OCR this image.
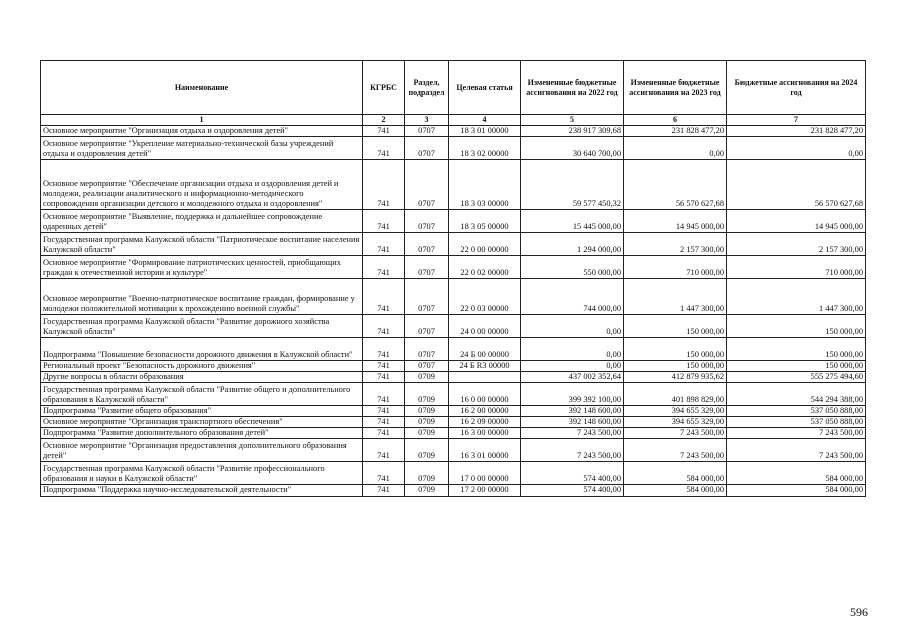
Наименование	КГРБС	Раздел, подраздел	Целевая статья	Измененные бюджетные ассигнования на 2022 год	Измененные бюджетные ассигнования на 2023 год	Бюджетные ассигнования на 2024 год
1	2	3	4	5	6	7
Основное мероприятие "Организация отдыха и оздоровления детей"	741	0707	18 3 01 00000	238 917 309,68	231 828 477,20	231 828 477,20
Основное мероприятие "Укрепление материально-технической базы учреждений отдыха и оздоровления детей"	741	0707	18 3 02 00000	30 640 700,00	0,00	0,00
Основное мероприятие "Обеспечение организации отдыха и оздоровления детей и молодежи, реализации аналитического и информационно-методического сопровождения организации детского и молодежного отдыха и оздоровления"	741	0707	18 3 03 00000	59 577 450,32	56 570 627,68	56 570 627,68
Основное мероприятие "Выявление, поддержка и дальнейшее сопровождение одаренных детей"	741	0707	18 3 05 00000	15 445 000,00	14 945 000,00	14 945 000,00
Государственная программа Калужской области "Патриотическое воспитание населения Калужской области"	741	0707	22 0 00 00000	1 294 000,00	2 157 300,00	2 157 300,00
Основное мероприятие "Формирование патриотических ценностей, приобщающих граждан к отечественной истории и культуре"	741	0707	22 0 02 00000	550 000,00	710 000,00	710 000,00
Основное мероприятие "Военно-патриотическое воспитание граждан, формирование у молодежи положительной мотивации к прохождению военной службы"	741	0707	22 0 03 00000	744 000,00	1 447 300,00	1 447 300,00
Государственная программа Калужской области "Развитие дорожного хозяйства Калужской области"	741	0707	24 0 00 00000	0,00	150 000,00	150 000,00
Подпрограмма "Повышение безопасности дорожного движения в Калужской области"	741	0707	24 Б 00 00000	0,00	150 000,00	150 000,00
Региональный проект "Безопасность дорожного движения"	741	0707	24 Б R3 00000	0,00	150 000,00	150 000,00
Другие вопросы в области образования	741	0709		437 002 352,64	412 879 935,62	555 275 494,60
Государственная программа Калужской области "Развитие общего и дополнительного образования в Калужской области"	741	0709	16 0 00 00000	399 392 100,00	401 898 829,00	544 294 388,00
Подпрограмма "Развитие общего образования"	741	0709	16 2 00 00000	392 148 600,00	394 655 329,00	537 050 888,00
Основное мероприятие "Организация транспортного обеспечения"	741	0709	16 2 09 00000	392 148 600,00	394 655 329,00	537 050 888,00
Подпрограмма "Развитие дополнительного образования детей"	741	0709	16 3 00 00000	7 243 500,00	7 243 500,00	7 243 500,00
Основное мероприятие "Организация предоставления дополнительного образования детей"	741	0709	16 3 01 00000	7 243 500,00	7 243 500,00	7 243 500,00
Государственная программа Калужской области "Развитие профессионального образования и науки в Калужской области"	741	0709	17 0 00 00000	574 400,00	584 000,00	584 000,00
Подпрограмма "Поддержка научно-исследовательской деятельности"	741	0709	17 2 00 00000	574 400,00	584 000,00	584 000,00
596
